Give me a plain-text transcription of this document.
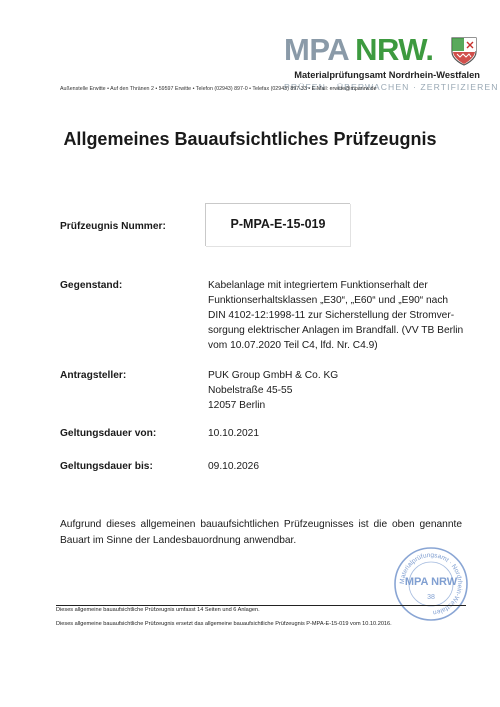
MPA NRW.
Materialprüfungsamt Nordrhein-Westfalen
PRÜFEN · ÜBERWACHEN · ZERTIFIZIEREN
Außenstelle Erwitte • Auf den Thränen 2 • 59597 Erwitte • Telefon (02943) 897-0 • Telefax (02943) 897-33 • E-Mail: erwitte@mpanrw.de
Allgemeines Bauaufsichtliches Prüfzeugnis
Prüfzeugnis Nummer:	P-MPA-E-15-019
Gegenstand:	Kabelanlage mit integriertem Funktionserhalt der
Funktionserhaltsklassen „E30“, „E60“ und „E90“ nach
DIN 4102-12:1998-11 zur Sicherstellung der Stromver-
sorgung elektrischer Anlagen im Brandfall. (VV TB Berlin
vom 10.07.2020 Teil C4, lfd. Nr. C4.9)
Antragsteller:	PUK Group GmbH & Co. KG
Nobelstraße 45-55
12057 Berlin
Geltungsdauer von:	10.10.2021
Geltungsdauer bis:	09.10.2026
Aufgrund dieses allgemeinen bauaufsichtlichen Prüfzeugnisses ist die oben genannte Bauart im Sinne der Landesbauordnung anwendbar.
Materialprüfungsamt · Nordrhein-Westfalen
MPA NRW
38
Dieses allgemeine bauaufsichtliche Prüfzeugnis umfasst 14 Seiten und 6 Anlagen.
Dieses allgemeine bauaufsichtliche Prüfzeugnis ersetzt das allgemeine bauaufsichtliche Prüfzeugnis P-MPA-E-15-019 vom 10.10.2016.
